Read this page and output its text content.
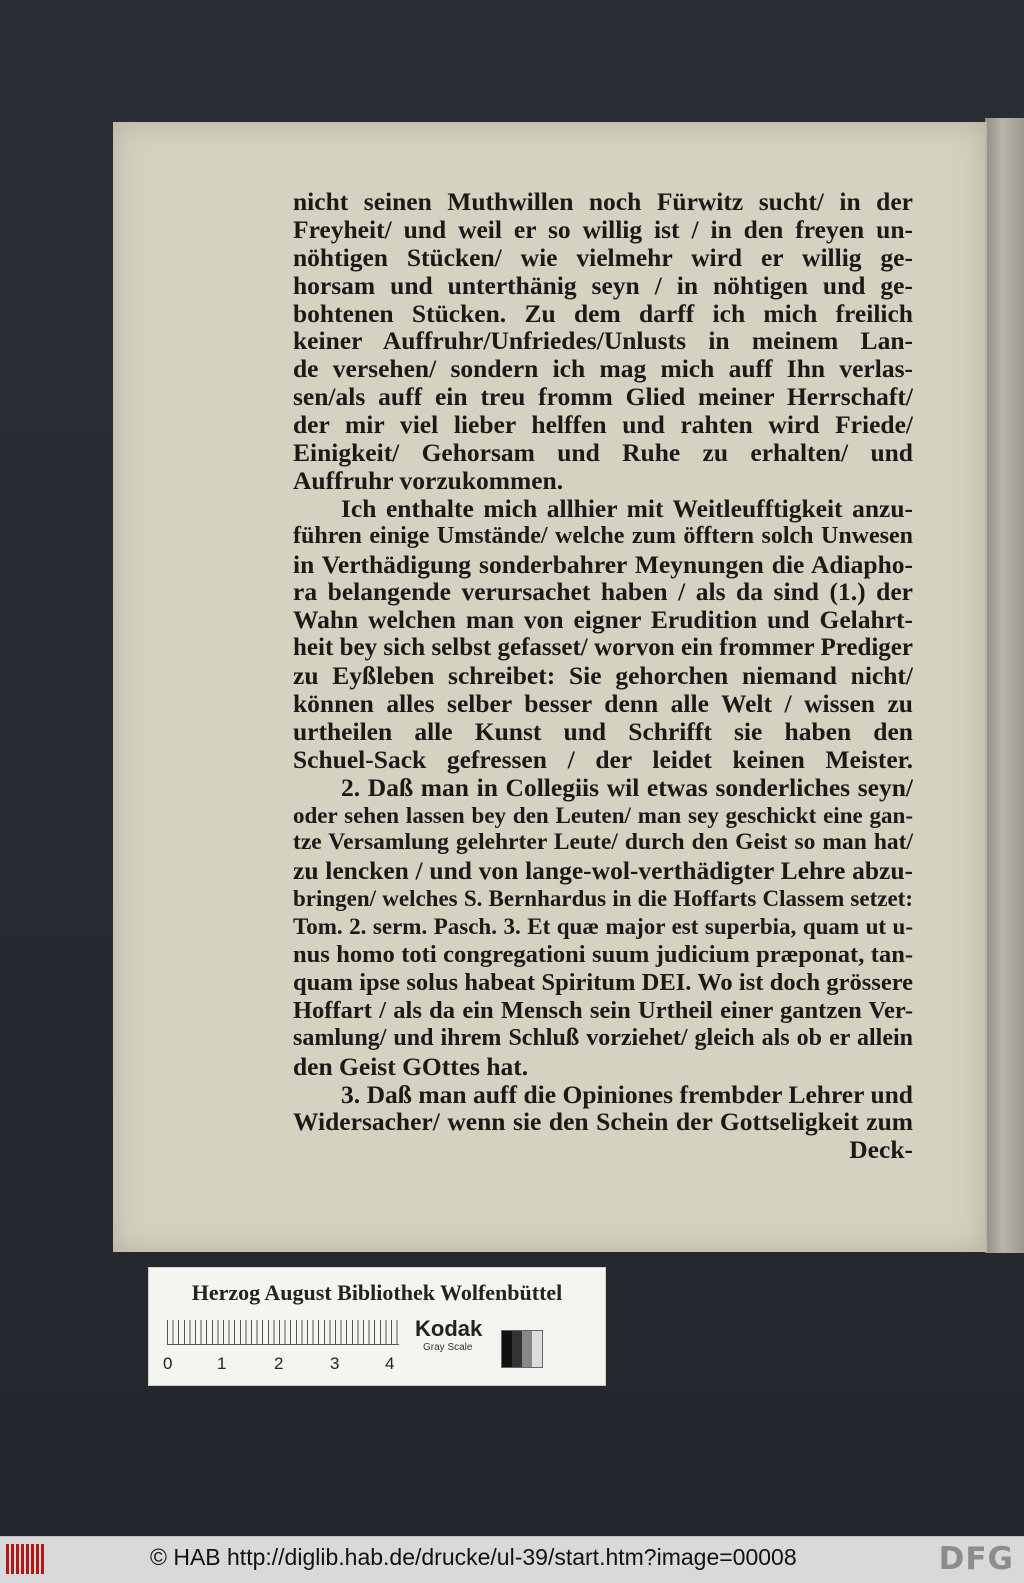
nicht seinen Muthwillen noch Fürwitz sucht/ in der
Freyheit/ und weil er so willig ist / in den freyen un-
nöhtigen Stücken/ wie vielmehr wird er willig ge-
horsam und unterthänig seyn / in nöhtigen und ge-
bohtenen Stücken. Zu dem darff ich mich freilich
keiner Auffruhr/Unfriedes/Unlusts in meinem Lan-
de versehen/ sondern ich mag mich auff Ihn verlas-
sen/als auff ein treu fromm Glied meiner Herrschaft/
der mir viel lieber helffen und rahten wird Friede/
Einigkeit/ Gehorsam und Ruhe zu erhalten/ und
Auffruhr vorzukommen.
Ich enthalte mich allhier mit Weitleufftigkeit anzu-
führen einige Umstände/ welche zum öfftern solch Unwesen
in Verthädigung sonderbahrer Meynungen die Adiapho-
ra belangende verursachet haben / als da sind (1.) der
Wahn welchen man von eigner Erudition und Gelahrt-
heit bey sich selbst gefasset/ worvon ein frommer Prediger
zu Eyßleben schreibet: Sie gehorchen niemand nicht/
können alles selber besser denn alle Welt / wissen zu
urtheilen alle Kunst und Schrifft sie haben den
Schuel-Sack gefressen / der leidet keinen Meister.
2. Daß man in Collegiis wil etwas sonderliches seyn/
oder sehen lassen bey den Leuten/ man sey geschickt eine gan-
tze Versamlung gelehrter Leute/ durch den Geist so man hat/
zu lencken / und von lange-wol-verthädigter Lehre abzu-
bringen/ welches S. Bernhardus in die Hoffarts Classem setzet:
Tom. 2. serm. Pasch. 3. Et quæ major est superbia, quam ut u-
nus homo toti congregationi suum judicium præponat, tan-
quam ipse solus habeat Spiritum DEI. Wo ist doch grössere
Hoffart / als da ein Mensch sein Urtheil einer gantzen Ver-
samlung/ und ihrem Schluß vorziehet/ gleich als ob er allein
den Geist GOttes hat.
3. Daß man auff die Opiniones frembder Lehrer und
Widersacher/ wenn sie den Schein der Gottseligkeit zum
Deck-
Herzog August Bibliothek Wolfenbüttel
0	1	2	3	4
Kodak
Gray Scale
© HAB http://diglib.hab.de/drucke/ul-39/start.htm?image=00008	DFG
